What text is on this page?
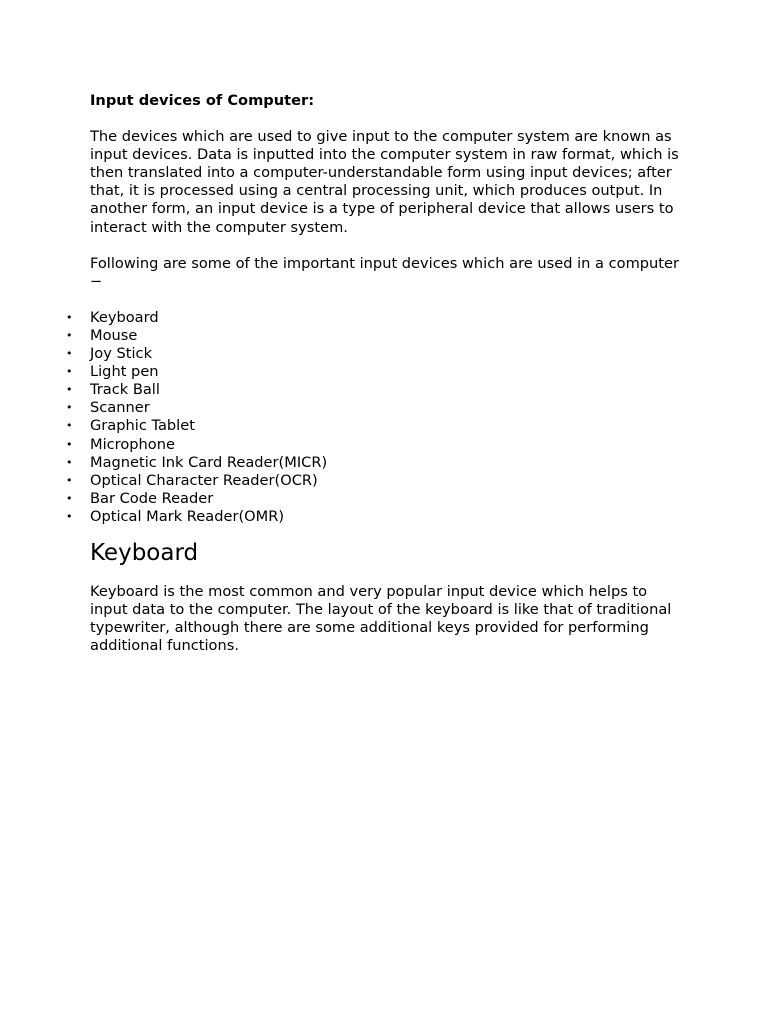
Input devices of Computer:

The devices which are used to give input to the computer system are known as input devices. Data is inputted into the computer system in raw format, which is then translated into a computer-understandable form using input devices; after that, it is processed using a central processing unit, which produces output. In another form, an input device is a type of peripheral device that allows users to interact with the computer system.

Following are some of the important input devices which are used in a computer −

• Keyboard
• Mouse
• Joy Stick
• Light pen
• Track Ball
• Scanner
• Graphic Tablet
• Microphone
• Magnetic Ink Card Reader(MICR)
• Optical Character Reader(OCR)
• Bar Code Reader
• Optical Mark Reader(OMR)
Keyboard

Keyboard is the most common and very popular input device which helps to input data to the computer. The layout of the keyboard is like that of traditional typewriter, although there are some additional keys provided for performing additional functions.
